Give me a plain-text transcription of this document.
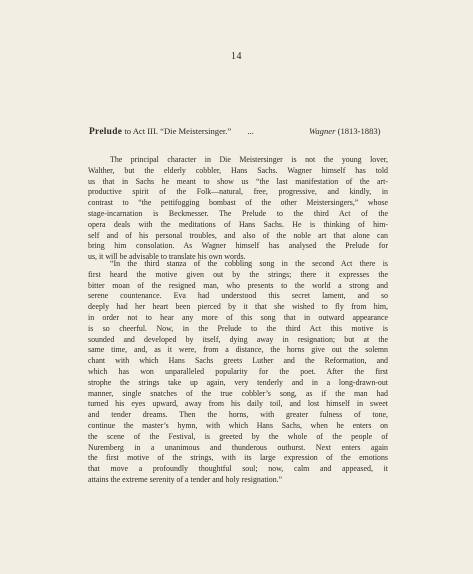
14
Prelude to Act III. “Die Meistersinger.” ...	Wagner (1813-1883)
The principal character in Die Meistersinger is not the young lover,
Walther, but the elderly cobbler, Hans Sachs. Wagner himself has told
us that in Sachs he meant to show us “the last manifestation of the art-
productive spirit of the Folk—natural, free, progressive, and kindly, in
contrast to “the pettifogging bombast of the other Meistersingers,” whose
stage-incarnation is Beckmesser. The Prelude to the third Act of the
opera deals with the meditations of Hans Sachs. He is thinking of him-
self and of his personal troubles, and also of the noble art that alone can
bring him consolation. As Wagner himself has analysed the Prelude for
us, it will be advisable to translate his own words.
“In the third stanza of the cobbling song in the second Act there is
first heard the motive given out by the strings; there it expresses the
bitter moan of the resigned man, who presents to the world a strong and
serene countenance. Eva had understood this secret lament, and so
deeply had her heart been pierced by it that she wished to fly from him,
in order not to hear any more of this song that in outward appearance
is so cheerful. Now, in the Prelude to the third Act this motive is
sounded and developed by itself, dying away in resignation; but at the
same time, and, as it were, from a distance, the horns give out the solemn
chant with which Hans Sachs greets Luther and the Reformation, and
which has won unparalleled popularity for the poet. After the first
strophe the strings take up again, very tenderly and in a long-drawn-out
manner, single snatches of the true cobbler’s song, as if the man had
turned his eyes upward, away from his daily toil, and lost himself in sweet
and tender dreams. Then the horns, with greater fulness of tone,
continue the master’s hymn, with which Hans Sachs, when he enters on
the scene of the Festival, is greeted by the whole of the people of
Nuremberg in a unanimous and thunderous outburst. Next enters again
the first motive of the strings, with its large expression of the emotions
that move a profoundly thoughtful soul; now, calm and appeased, it
attains the extreme serenity of a tender and holy resignation.”
